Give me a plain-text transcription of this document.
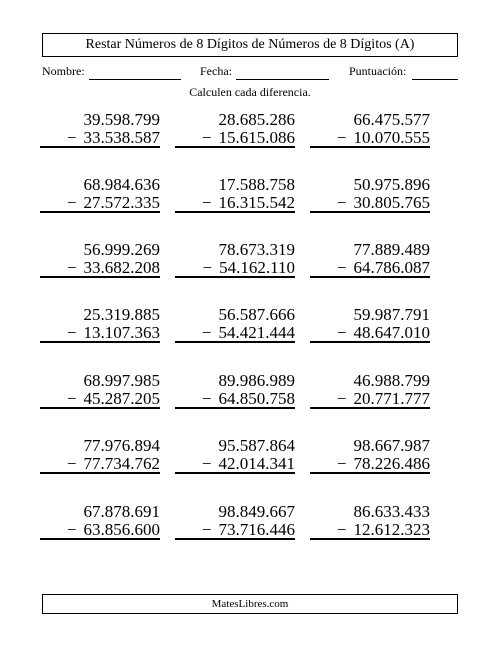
Restar Números de 8 Dígitos de Números de 8 Dígitos (A)
Nombre:	Fecha:	Puntuación:
Calculen cada diferencia.
39.598.799
− 33.538.587
28.685.286
− 15.615.086
66.475.577
− 10.070.555
68.984.636
− 27.572.335
17.588.758
− 16.315.542
50.975.896
− 30.805.765
56.999.269
− 33.682.208
78.673.319
− 54.162.110
77.889.489
− 64.786.087
25.319.885
− 13.107.363
56.587.666
− 54.421.444
59.987.791
− 48.647.010
68.997.985
− 45.287.205
89.986.989
− 64.850.758
46.988.799
− 20.771.777
77.976.894
− 77.734.762
95.587.864
− 42.014.341
98.667.987
− 78.226.486
67.878.691
− 63.856.600
98.849.667
− 73.716.446
86.633.433
− 12.612.323
MatesLibres.com
